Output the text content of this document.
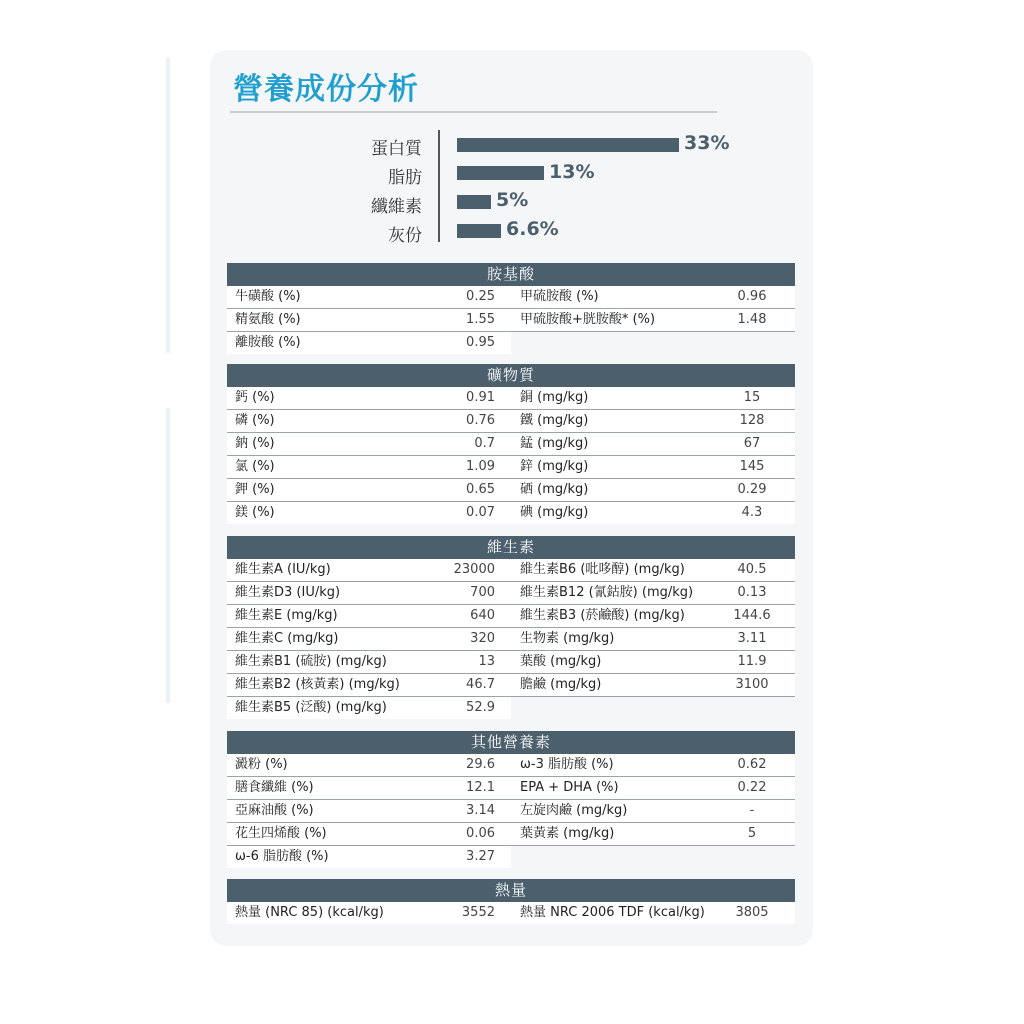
營養成份分析
蛋白質	33%
脂肪	13%
纖維素	5%
灰份	6.6%
胺基酸
牛磺酸 (%)	0.25 甲硫胺酸 (%)	0.96
精氨酸 (%)	1.55 甲硫胺酸+胱胺酸* (%)	1.48
離胺酸 (%)	0.95
礦物質
鈣 (%)	0.91 銅 (mg/kg)	15
磷 (%)	0.76 鐵 (mg/kg)	128
鈉 (%)	0.7 錳 (mg/kg)	67
氯 (%)	1.09 鋅 (mg/kg)	145
鉀 (%)	0.65 硒 (mg/kg)	0.29
鎂 (%)	0.07 碘 (mg/kg)	4.3
維生素
維生素A (IU/kg)	23000 維生素B6 (吡哆醇) (mg/kg)	40.5
維生素D3 (IU/kg)	700 維生素B12 (氰鈷胺) (mg/kg)	0.13
維生素E (mg/kg)	640 維生素B3 (菸鹼酸) (mg/kg)	144.6
維生素C (mg/kg)	320 生物素 (mg/kg)	3.11
維生素B1 (硫胺) (mg/kg)	13 葉酸 (mg/kg)	11.9
維生素B2 (核黃素) (mg/kg)	46.7 膽鹼 (mg/kg)	3100
維生素B5 (泛酸) (mg/kg)	52.9
其他營養素
澱粉 (%)	29.6 ω-3 脂肪酸 (%)	0.62
膳食纖維 (%)	12.1 EPA + DHA (%)	0.22
亞麻油酸 (%)	3.14 左旋肉鹼 (mg/kg)	-
花生四烯酸 (%)	0.06 葉黃素 (mg/kg)	5
ω-6 脂肪酸 (%)	3.27
熱量
熱量 (NRC 85) (kcal/kg)	3552 熱量 NRC 2006 TDF (kcal/kg)	3805
